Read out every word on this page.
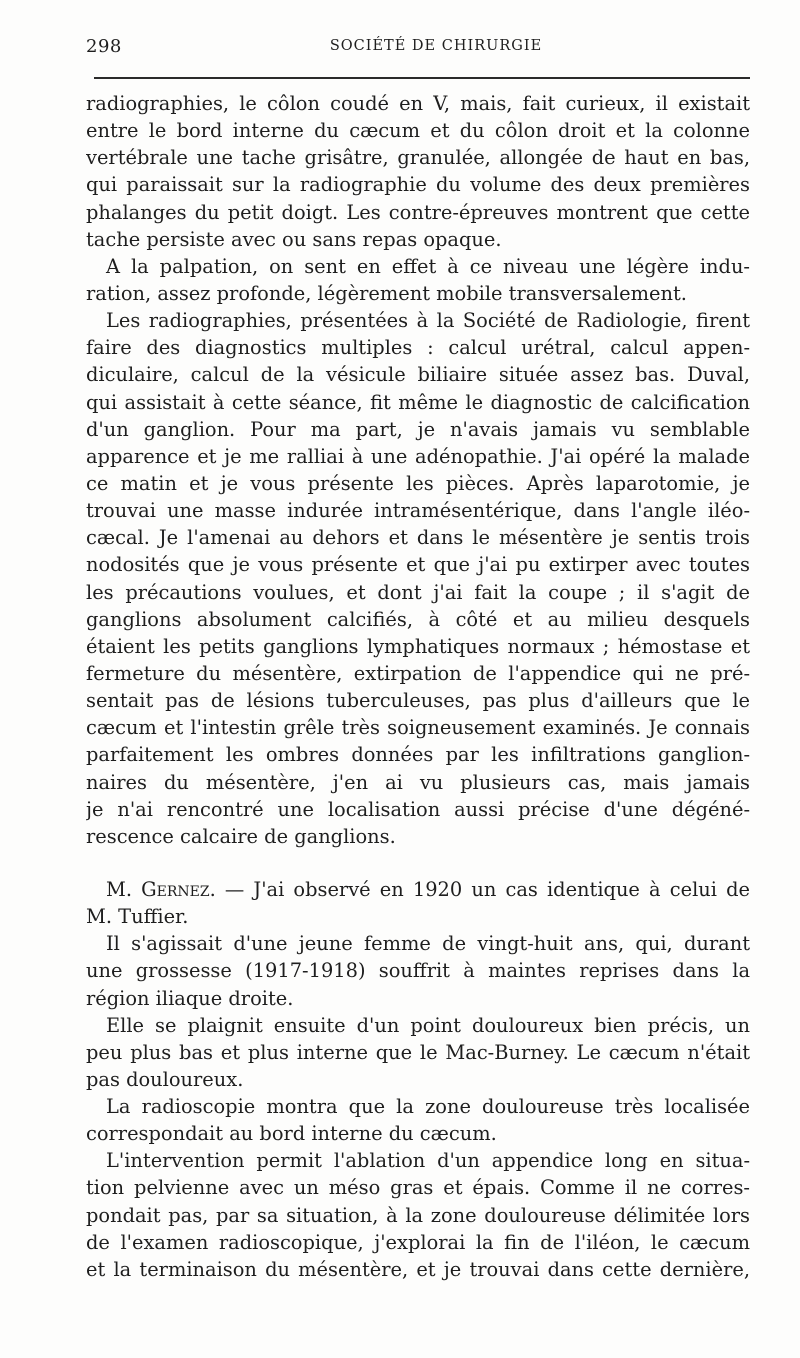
298	SOCIÉTÉ DE CHIRURGIE
radiographies, le côlon coudé en V, mais, fait curieux, il existait
entre le bord interne du cæcum et du côlon droit et la colonne
vertébrale une tache grisâtre, granulée, allongée de haut en bas,
qui paraissait sur la radiographie du volume des deux premières
phalanges du petit doigt. Les contre-épreuves montrent que cette
tache persiste avec ou sans repas opaque.
A la palpation, on sent en effet à ce niveau une légère indu-
ration, assez profonde, légèrement mobile transversalement.
Les radiographies, présentées à la Société de Radiologie, firent
faire des diagnostics multiples : calcul urétral, calcul appen-
diculaire, calcul de la vésicule biliaire située assez bas. Duval,
qui assistait à cette séance, fit même le diagnostic de calcification
d'un ganglion. Pour ma part, je n'avais jamais vu semblable
apparence et je me ralliai à une adénopathie. J'ai opéré la malade
ce matin et je vous présente les pièces. Après laparotomie, je
trouvai une masse indurée intramésentérique, dans l'angle iléo-
cæcal. Je l'amenai au dehors et dans le mésentère je sentis trois
nodosités que je vous présente et que j'ai pu extirper avec toutes
les précautions voulues, et dont j'ai fait la coupe ; il s'agit de
ganglions absolument calcifiés, à côté et au milieu desquels
étaient les petits ganglions lymphatiques normaux ; hémostase et
fermeture du mésentère, extirpation de l'appendice qui ne pré-
sentait pas de lésions tuberculeuses, pas plus d'ailleurs que le
cæcum et l'intestin grêle très soigneusement examinés. Je connais
parfaitement les ombres données par les infiltrations ganglion-
naires du mésentère, j'en ai vu plusieurs cas, mais jamais
je n'ai rencontré une localisation aussi précise d'une dégéné-
rescence calcaire de ganglions.
M. Gernez. — J'ai observé en 1920 un cas identique à celui de
M. Tuffier.
Il s'agissait d'une jeune femme de vingt-huit ans, qui, durant
une grossesse (1917-1918) souffrit à maintes reprises dans la
région iliaque droite.
Elle se plaignit ensuite d'un point douloureux bien précis, un
peu plus bas et plus interne que le Mac-Burney. Le cæcum n'était
pas douloureux.
La radioscopie montra que la zone douloureuse très localisée
correspondait au bord interne du cæcum.
L'intervention permit l'ablation d'un appendice long en situa-
tion pelvienne avec un méso gras et épais. Comme il ne corres-
pondait pas, par sa situation, à la zone douloureuse délimitée lors
de l'examen radioscopique, j'explorai la fin de l'iléon, le cæcum
et la terminaison du mésentère, et je trouvai dans cette dernière,
